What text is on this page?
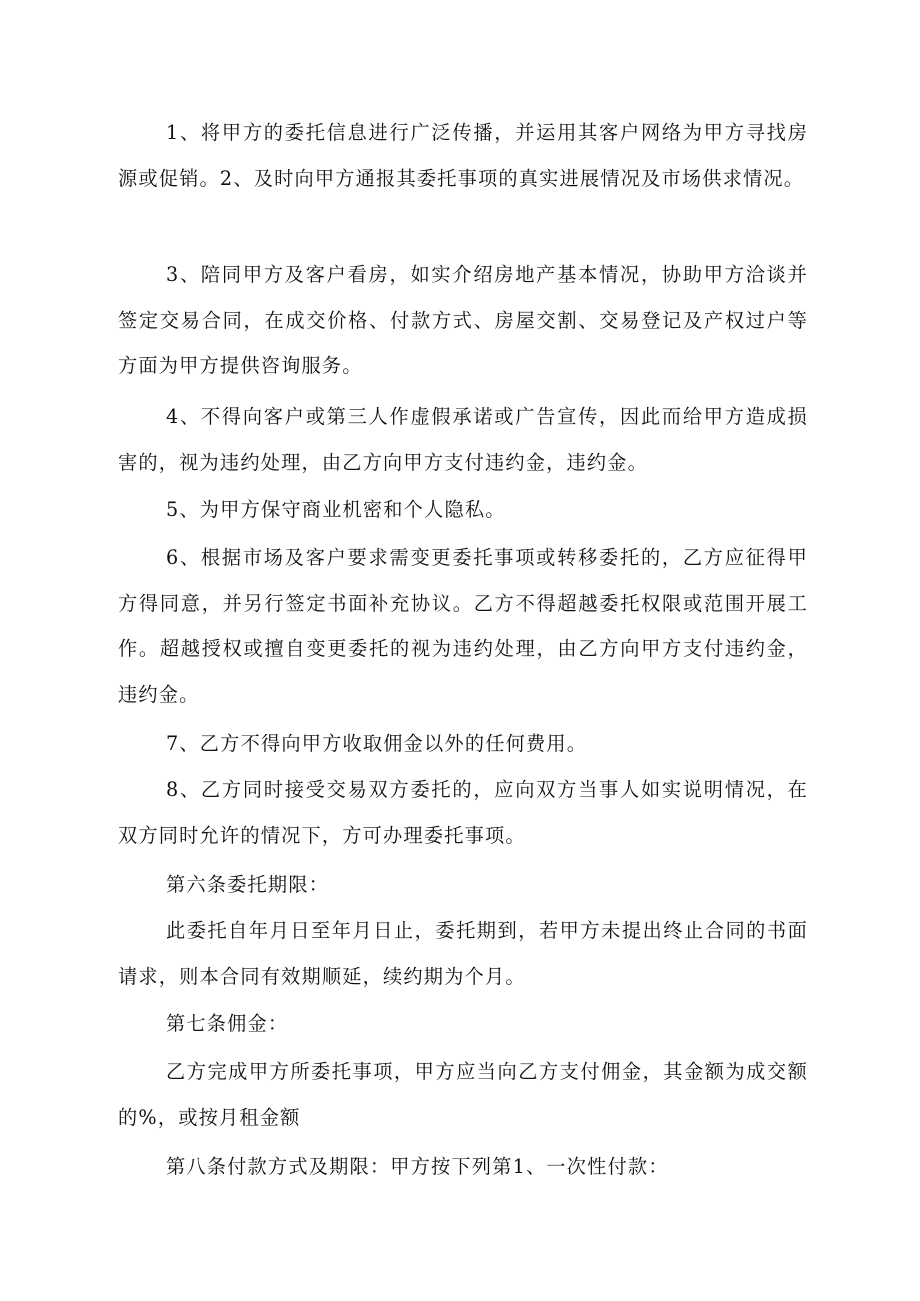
1、将甲方的委托信息进行广泛传播，并运用其客户网络为甲方寻找房源或促销。2、及时向甲方通报其委托事项的真实进展情况及市场供求情况。
3、陪同甲方及客户看房，如实介绍房地产基本情况，协助甲方洽谈并签定交易合同，在成交价格、付款方式、房屋交割、交易登记及产权过户等方面为甲方提供咨询服务。
4、不得向客户或第三人作虚假承诺或广告宣传，因此而给甲方造成损害的，视为违约处理，由乙方向甲方支付违约金，违约金。
5、为甲方保守商业机密和个人隐私。
6、根据市场及客户要求需变更委托事项或转移委托的，乙方应征得甲方得同意，并另行签定书面补充协议。乙方不得超越委托权限或范围开展工作。超越授权或擅自变更委托的视为违约处理，由乙方向甲方支付违约金，违约金。
7、乙方不得向甲方收取佣金以外的任何费用。
8、乙方同时接受交易双方委托的，应向双方当事人如实说明情况，在双方同时允许的情况下，方可办理委托事项。
第六条委托期限：
此委托自年月日至年月日止，委托期到，若甲方未提出终止合同的书面请求，则本合同有效期顺延，续约期为个月。
第七条佣金：
乙方完成甲方所委托事项，甲方应当向乙方支付佣金，其金额为成交额的%，或按月租金额
第八条付款方式及期限：甲方按下列第1、一次性付款：
